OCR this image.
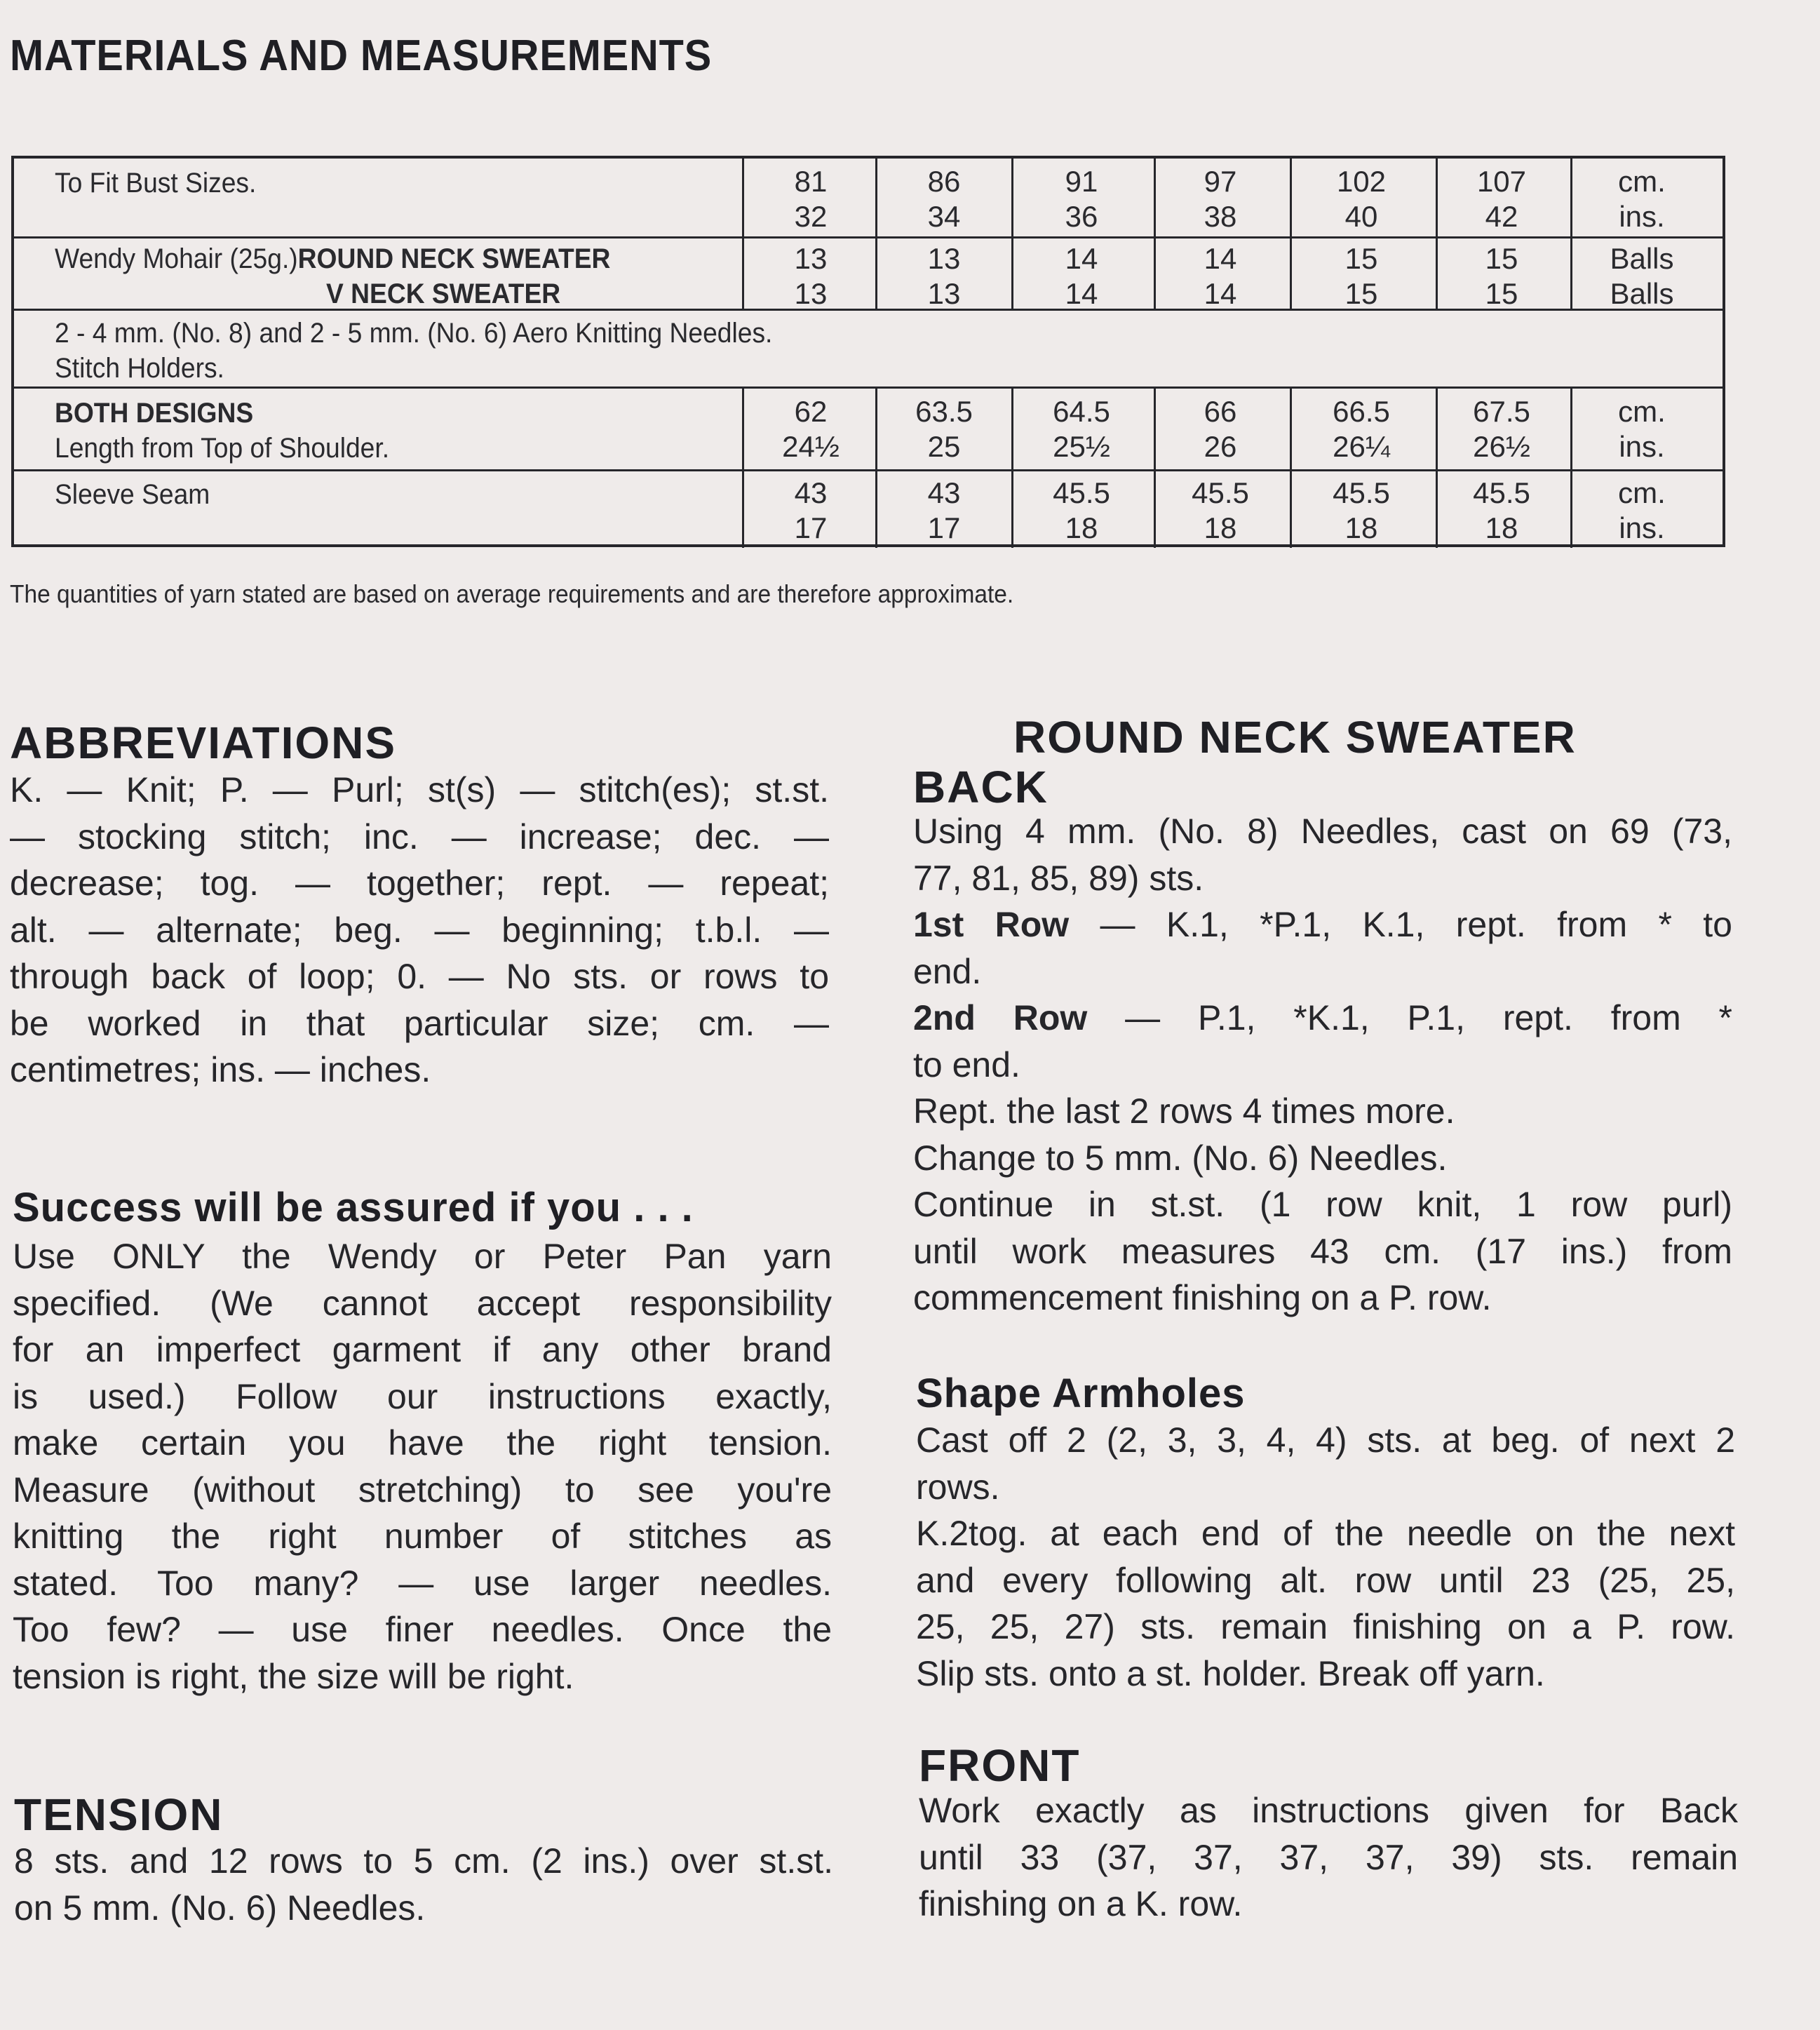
MATERIALS AND MEASUREMENTS
To Fit Bust Sizes.	81
32
86
34
91
36
97
38
102
40
107
42
cm.
ins.
Wendy Mohair (25g.)ROUND NECK SWEATER
V NECK SWEATER
13
13
13
13
14
14
14
14
15
15
15
15
Balls
Balls
2 - 4 mm. (No. 8) and 2 - 5 mm. (No. 6) Aero Knitting Needles.
Stitch Holders.
BOTH DESIGNS
Length from Top of Shoulder.
62
24½
63.5
25
64.5
25½
66
26
66.5
26¼
67.5
26½
cm.
ins.
Sleeve Seam	43
17
43
17
45.5
18
45.5
18
45.5
18
45.5
18
cm.
ins.
The quantities of yarn stated are based on average requirements and are therefore approximate.
ABBREVIATIONS
K. — Knit; P. — Purl; st(s) — stitch(es); st.st.
— stocking stitch; inc. — increase; dec. —
decrease; tog. — together; rept. — repeat;
alt. — alternate; beg. — beginning; t.b.l. —
through back of loop; 0. — No sts. or rows to
be worked in that particular size; cm. —
centimetres; ins. — inches.
Success will be assured if you . . .
Use ONLY the Wendy or Peter Pan yarn
specified. (We cannot accept responsibility
for an imperfect garment if any other brand
is used.) Follow our instructions exactly,
make certain you have the right tension.
Measure (without stretching) to see you're
knitting the right number of stitches as
stated. Too many? — use larger needles.
Too few? — use finer needles. Once the
tension is right, the size will be right.
TENSION
8 sts. and 12 rows to 5 cm. (2 ins.) over st.st.
on 5 mm. (No. 6) Needles.
ROUND NECK SWEATER
BACK
Using 4 mm. (No. 8) Needles, cast on 69 (73,
77, 81, 85, 89) sts.
1st Row — K.1, *P.1, K.1, rept. from * to
end.
2nd Row — P.1, *K.1, P.1, rept. from *
to end.
Rept. the last 2 rows 4 times more.
Change to 5 mm. (No. 6) Needles.
Continue in st.st. (1 row knit, 1 row purl)
until work measures 43 cm. (17 ins.) from
commencement finishing on a P. row.
Shape Armholes
Cast off 2 (2, 3, 3, 4, 4) sts. at beg. of next 2
rows.
K.2tog. at each end of the needle on the next
and every following alt. row until 23 (25, 25,
25, 25, 27) sts. remain finishing on a P. row.
Slip sts. onto a st. holder. Break off yarn.
FRONT
Work exactly as instructions given for Back
until 33 (37, 37, 37, 37, 39) sts. remain
finishing on a K. row.
